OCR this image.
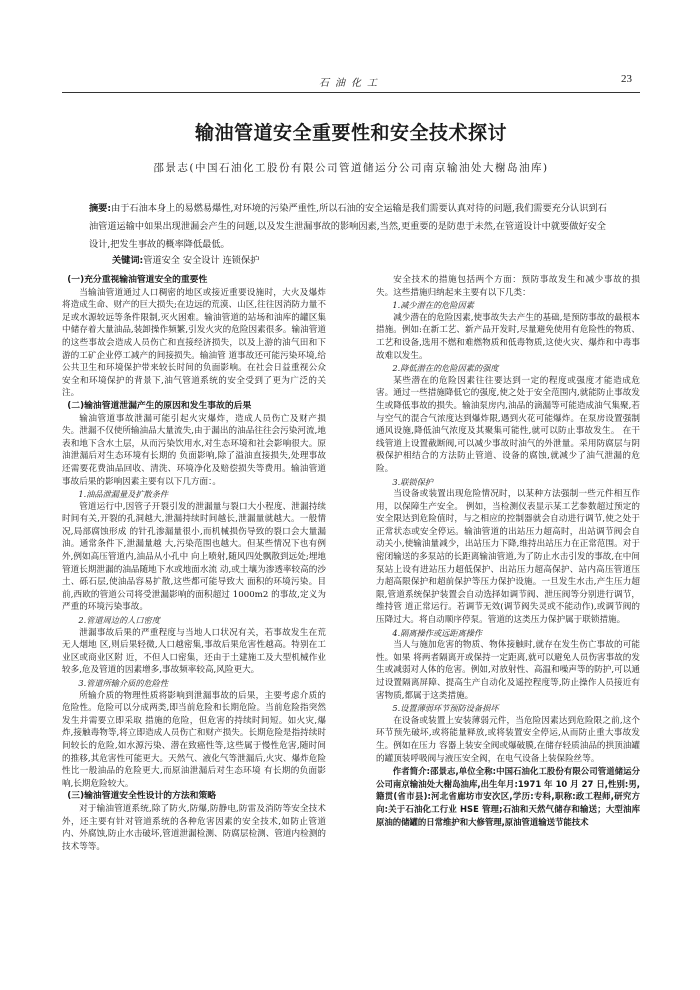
石油化工	23
输油管道安全重要性和安全技术探讨
邵景志(中国石油化工股份有限公司管道储运分公司南京输油处大榭岛油库)
摘要:由于石油本身上的易燃易爆性,对环境的污染严重性,所以石油的安全运输是我们需要认真对待的问题,我们需要充分认识到石油管道运输中如果出现泄漏会产生的问题,以及发生泄漏事故的影响因素,当然,更重要的是防患于未然,在管道设计中就要做好安全设计,把发生事故的概率降低最低。
关键词:管道安全 安全设计 连锁保护
(一)充分重视输油管道安全的重要性

当输油管道通过人口稠密的地区或接近重要设施时，大火及爆炸将造成生命、财产的巨大损失;在边远的荒漠、山区,往往因消防力量不足或水源较远等条件限制,灭火困难。输油管道的站场和油库的罐区集中储存着大量油品,装卸操作频繁,引发火灾的危险因素很多。输油管道的这些事故会造成人员伤亡和直接经济损失，以及上游的油气田和下游的工矿企业停工减产的间接损失。输油管 道事故还可能污染环境,给公共卫生和环境保护带来较长时间的负面影响。在社会日益重视公众安全和环境保护的背景下,油气管道系统的安全受到了更为广泛的关注。

(二)输油管道泄漏产生的原因和发生事故的后果

输油管道事故泄漏可能引起火灾爆炸，造成人员伤亡及财产损失。泄漏不仅使所输油品大量流失,由于漏出的油品往往会污染河流,地表和地下含水土层，从而污染饮用水,对生态环境和社会影响很大。原油泄漏后对生态环境有长期的 负面影响,除了溢油直接损失,处理事故还需要花费油品回收、清洗、环境净化及赔偿损失等费用。输油管道事故后果的影响因素主要有以下几方面：。

1.油品泄漏量及扩散条件

管道运行中,因管子开裂引发的泄漏量与裂口大小程度、泄漏持续时间有关,开裂的孔洞越大,泄漏持续时间越长,泄漏量就越大。一般情况,局部腐蚀形成 的针孔渗漏量很小,而机械损伤导致的裂口会大量漏油。通常条件下,泄漏量越 大,污染范围也越大。但某些情况下也有例外,例如高压管道内,油品从小孔中 向上喷射,随风四处飘散到远处;埋地管道长期泄漏的油品随地下水或地面水流 动,或土壤为渗透率较高的沙土、砾石层,使油品容易扩散,这些都可能导致大 面积的环境污染。目前,西欧的管道公司将受泄漏影响的面积超过 1000m2 的事故,定义为严重的环境污染事故。

2.管道周边的人口密度

泄漏事故后果的严重程度与当地人口状况有关，若事故发生在荒无人烟地 区,则后果轻微,人口越密集,事故后果危害性越高。特别在工业区或商业区附 近，不但人口密集，还由于土建施工及大型机械作业较多,危及管道的因素增多,事故频率较高,风险更大。

3.管道所输介质的危险性

所输介质的物理性质将影响到泄漏事故的后果，主要考虑介质的危险性。危险可以分成两类,即当前危险和长期危险。当前危险指突然发生并需要立即采取 措施的危险，但危害的持续时间短。如火灾,爆炸,接触毒物等,将立即造成人员伤亡和财产损失。长期危险是指持续时间较长的危险,如水源污染、潜在致癌性等,这些属于慢性危害,随时间的推移,其危害性可能更大。天然气、液化气等泄漏后,火灾、爆炸危险性比一般油品的危险更大,而原油泄漏后对生态环境 有长期的负面影响,长期危险较大。

(三)输油管道安全性设计的方法和策略

对于输油管道系统,除了防火,防爆,防静电,防雷及消防等安全技术外，还主要有针对管道系统的各种危害因素的安全技术,如防止管道内、外腐蚀,防止水击破坏,管道泄漏检测、防腐层检测、管道内检测的技术等等。

安全技术的措施包括两个方面：预防事故发生和减少事故的损失。这些措施归纳起来主要有以下几类：

1.减少潜在的危险因素

减少潜在的危险因素,使事故失去产生的基础,是预防事故的最根本措施。例如:在新工艺、新产品开发时,尽量避免使用有危险性的物质、工艺和设备,选用不燃和难燃物质和低毒物质,这使火灾、爆炸和中毒事故难以发生。

2.降低潜在的危险因素的强度

某些潜在的危险因素往往要达到一定的程度或强度才能造成危害。通过一些措施降低它的强度,使之处于安全范围内,就能防止事故发生或降低事故的损失。输油泵房内,油品的滴漏等可能造成油气集聚,若与空气的混合气浓度达到爆炸限,遇到火花可能爆炸。在泵房设置强制通风设施,降低油气浓度及其聚集可能性,就可以防止事故发生。 在干线管道上设置截断阀,可以减少事故时油气的外泄量。采用防腐层与阴极保护相结合的方法防止管道、设备的腐蚀,就减少了油气泄漏的危险。

3.联锁保护

当设备或装置出现危险情况时，以某种方法强制一些元件相互作用，以保障生产安全。 例如，当检测仪表显示某工艺参数超过预定的安全限达到危险值时，与之相应的控制器就会自动进行调节,使之处于正常状态或安全停运。输油管道的出站压力超高时，出站调节阀会自动关小,使输油量减少，出站压力下降,维持出站压力在正常范围。对于密闭输送的多泵站的长距离输油管道,为了防止水击引发的事故,在中间泵站上设有进站压力超低保护、出站压力超高保护、站内高压管道压力超高限保护和超前保护等压力保护设施。一旦发生水击,产生压力超限,管道系统保护装置会自动选择如调节阀、泄压阀等分别进行调节，维持管 道正常运行。若调节无效(调节阀失灵或不能动作),或调节阀的压降过大。将自动顺序停泵。管道的这类压力保护属于联锁措施。

4.隔离操作或远距离操作

当人与施加危害的物质、物体接触时,就存在发生伤亡事故的可能性。如果 将两者隔离开或保持一定距离,就可以避免人员伤害事故的发生或减弱对人体的危害。例如,对放射性、高温和噪声等的防护,可以通过设置隔离屏障、提高生产自动化及遥控程度等,防止操作人员接近有害物质,都属于这类措施。

5.设置薄弱环节预防设备损坏

在设备或装置上安装薄弱元件，当危险因素达到危险限之前,这个环节预先破坏,或将能量释放,或将装置安全停运,从而防止重大事故发生。例如在压力 容器上装安全阀或爆破膜,在储存轻质油品的拱顶油罐的罐顶装呼吸阀与液压安全阀，在电气设备上装保险丝等。

作者简介:邵景志,单位全称:中国石油化工股份有限公司管道储运分公司南京输油处大榭岛油库,出生年月:1971 年 10 月 27 日,性别:男,籍贯(省市县):河北省廊坊市安次区,学历:专科,职称:政工程师,研究方向:关于石油化工行业 HSE 管理;石油和天然气储存和输送；大型油库原油的储罐的日常维护和大修管理,原油管道输送节能技术
